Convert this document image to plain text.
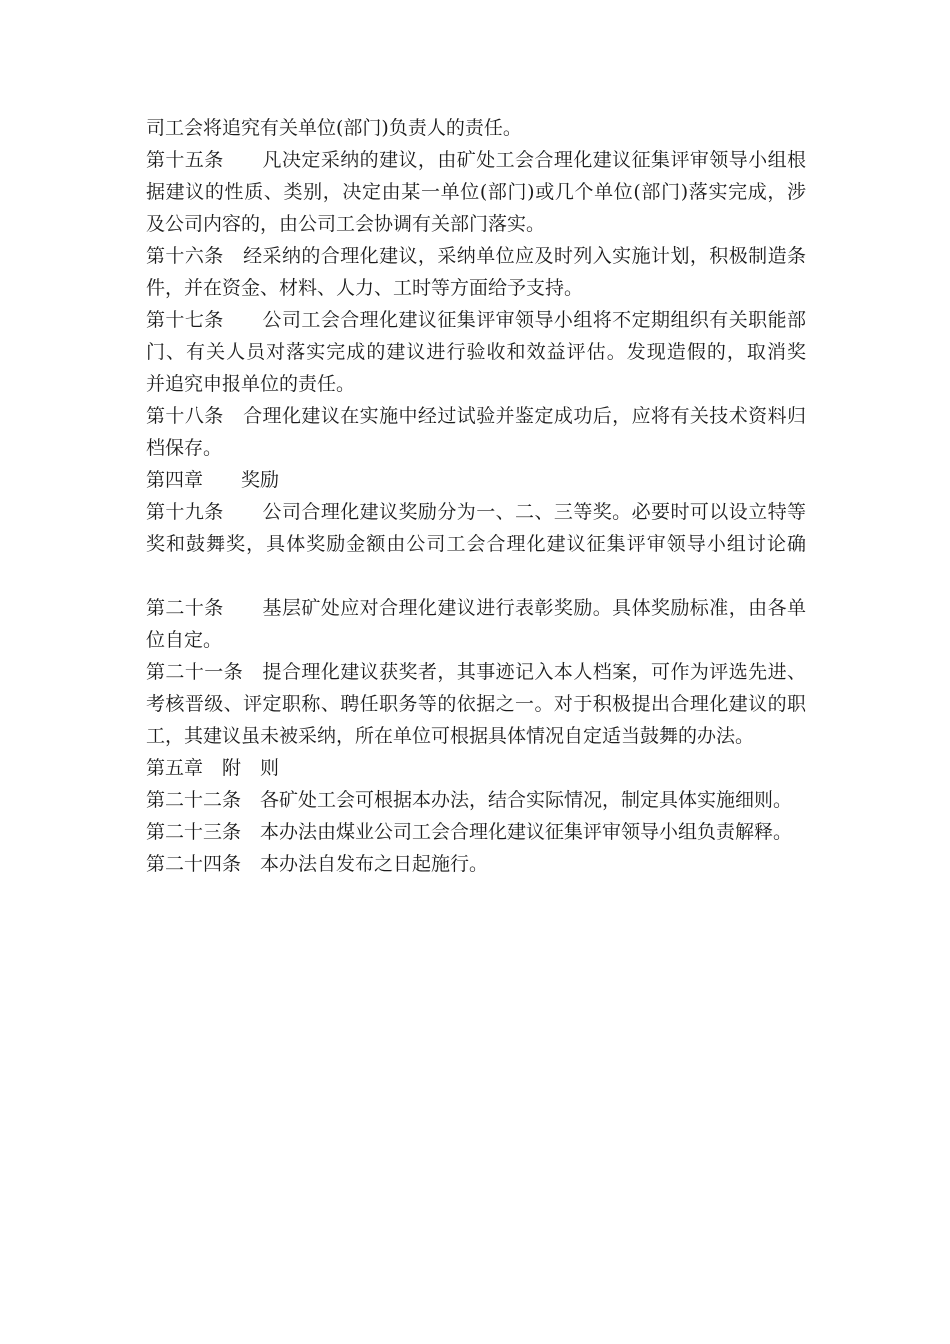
司工会将追究有关单位(部门)负责人的责任。
第十五条　　凡决定采纳的建议，由矿处工会合理化建议征集评审领导小组根
据建议的性质、类别，决定由某一单位(部门)或几个单位(部门)落实完成，涉
及公司内容的，由公司工会协调有关部门落实。
第十六条　经采纳的合理化建议，采纳单位应及时列入实施计划，积极制造条
件，并在资金、材料、人力、工时等方面给予支持。
第十七条　　公司工会合理化建议征集评审领导小组将不定期组织有关职能部
门、有关人员对落实完成的建议进行验收和效益评估。发现造假的，取消奖
并追究申报单位的责任。
第十八条　合理化建议在实施中经过试验并鉴定成功后，应将有关技术资料归
档保存。
第四章　　奖励
第十九条　　公司合理化建议奖励分为一、二、三等奖。必要时可以设立特等
奖和鼓舞奖，具体奖励金额由公司工会合理化建议征集评审领导小组讨论确
第二十条　　基层矿处应对合理化建议进行表彰奖励。具体奖励标准，由各单
位自定。
第二十一条　提合理化建议获奖者，其事迹记入本人档案，可作为评选先进、
考核晋级、评定职称、聘任职务等的依据之一。对于积极提出合理化建议的职
工，其建议虽未被采纳，所在单位可根据具体情况自定适当鼓舞的办法。
第五章　附　则
第二十二条　各矿处工会可根据本办法，结合实际情况，制定具体实施细则。
第二十三条　本办法由煤业公司工会合理化建议征集评审领导小组负责解释。
第二十四条　本办法自发布之日起施行。
